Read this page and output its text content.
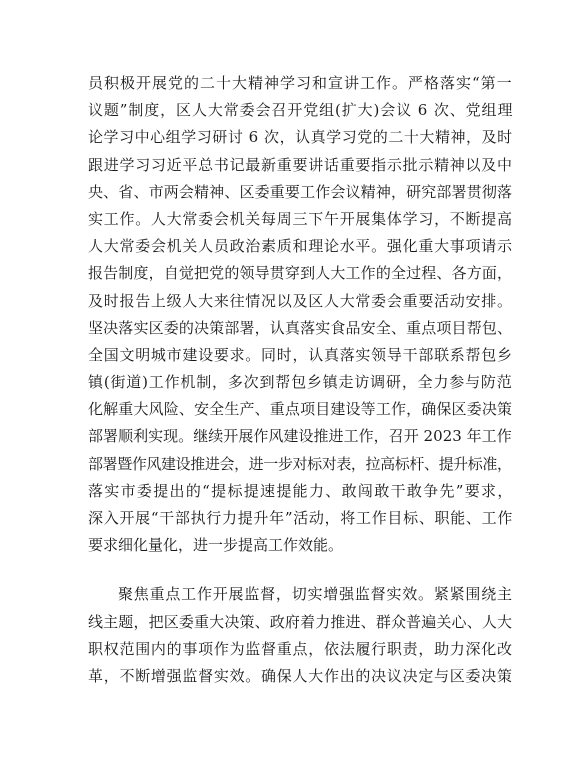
员积极开展党的二十大精神学习和宣讲工作。严格落实“第一
议题”制度，区人大常委会召开党组(扩大)会议 6 次、党组理
论学习中心组学习研讨 6 次，认真学习党的二十大精神，及时
跟进学习习近平总书记最新重要讲话重要指示批示精神以及中
央、省、市两会精神、区委重要工作会议精神，研究部署贯彻落
实工作。人大常委会机关每周三下午开展集体学习，不断提高
人大常委会机关人员政治素质和理论水平。强化重大事项请示
报告制度，自觉把党的领导贯穿到人大工作的全过程、各方面，
及时报告上级人大来往情况以及区人大常委会重要活动安排。
坚决落实区委的决策部署，认真落实食品安全、重点项目帮包、
全国文明城市建设要求。同时，认真落实领导干部联系帮包乡
镇(街道)工作机制，多次到帮包乡镇走访调研，全力参与防范
化解重大风险、安全生产、重点项目建设等工作，确保区委决策
部署顺利实现。继续开展作风建设推进工作，召开 2023 年工作
部署暨作风建设推进会，进一步对标对表，拉高标杆、提升标准，
落实市委提出的“提标提速提能力、敢闯敢干敢争先”要求，
深入开展“干部执行力提升年”活动，将工作目标、职能、工作
要求细化量化，进一步提高工作效能。
聚焦重点工作开展监督，切实增强监督实效。紧紧围绕主
线主题，把区委重大决策、政府着力推进、群众普遍关心、人大
职权范围内的事项作为监督重点，依法履行职责，助力深化改
革，不断增强监督实效。确保人大作出的决议决定与区委决策
